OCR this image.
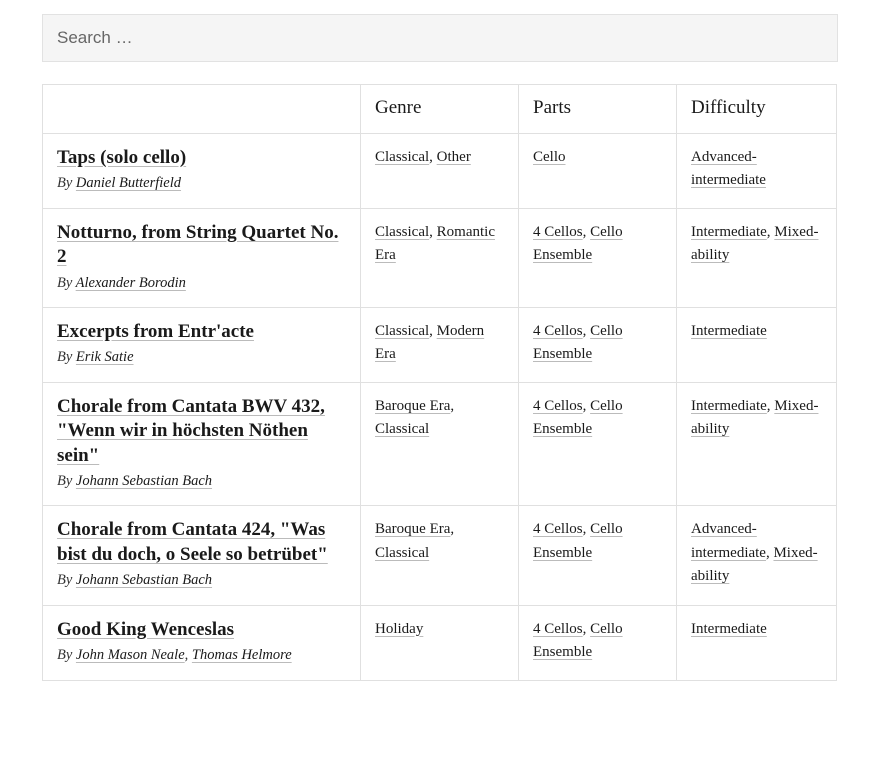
Search …
	Genre	Parts	Difficulty

Taps (solo cello)
By Daniel Butterfield	Classical, Other	Cello	Advanced-intermediate

Notturno, from String Quartet No. 2
By Alexander Borodin	Classical, Romantic Era	4 Cellos, Cello Ensemble	Intermediate, Mixed-ability

Excerpts from Entr'acte
By Erik Satie	Classical, Modern Era	4 Cellos, Cello Ensemble	Intermediate

Chorale from Cantata BWV 432, "Wenn wir in höchsten Nöthen sein"
By Johann Sebastian Bach	Baroque Era, Classical	4 Cellos, Cello Ensemble	Intermediate, Mixed-ability

Chorale from Cantata 424, "Was bist du doch, o Seele so betrübet"
By Johann Sebastian Bach	Baroque Era, Classical	4 Cellos, Cello Ensemble	Advanced-intermediate, Mixed-ability

Good King Wenceslas
By John Mason Neale, Thomas Helmore	Holiday	4 Cellos, Cello Ensemble	Intermediate
